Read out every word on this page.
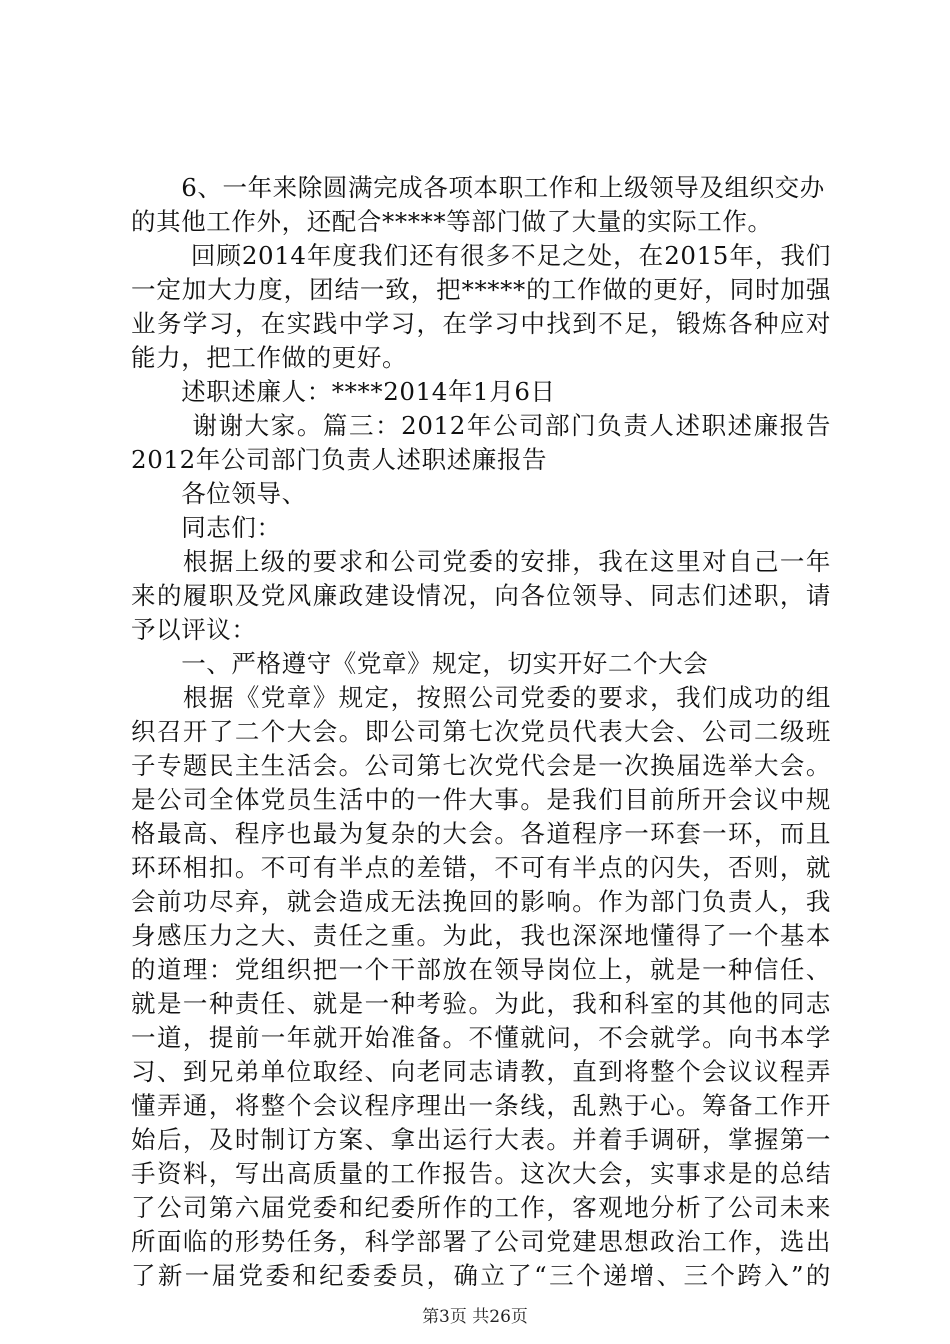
　　6、一年来除圆满完成各项本职工作和上级领导及组织交办
的其他工作外，还配合*****等部门做了大量的实际工作。
　　 回顾2014年度我们还有很多不足之处，在2015年，我们
一定加大力度，团结一致，把*****的工作做的更好，同时加强
业务学习，在实践中学习，在学习中找到不足，锻炼各种应对
能力，把工作做的更好。
　　述职述廉人：****2014年1月6日
　　 谢谢大家。篇三：2012年公司部门负责人述职述廉报告
2012年公司部门负责人述职述廉报告
　　各位领导、
　　同志们：
　　根据上级的要求和公司党委的安排，我在这里对自己一年
来的履职及党风廉政建设情况，向各位领导、同志们述职，请
予以评议：
　　一、严格遵守《党章》规定，切实开好二个大会
　　根据《党章》规定，按照公司党委的要求，我们成功的组
织召开了二个大会。即公司第七次党员代表大会、公司二级班
子专题民主生活会。公司第七次党代会是一次换届选举大会。
是公司全体党员生活中的一件大事。是我们目前所开会议中规
格最高、程序也最为复杂的大会。各道程序一环套一环，而且
环环相扣。不可有半点的差错，不可有半点的闪失，否则，就
会前功尽弃，就会造成无法挽回的影响。作为部门负责人，我
身感压力之大、责任之重。为此，我也深深地懂得了一个基本
的道理：党组织把一个干部放在领导岗位上，就是一种信任、
就是一种责任、就是一种考验。为此，我和科室的其他的同志
一道，提前一年就开始准备。不懂就问，不会就学。向书本学
习、到兄弟单位取经、向老同志请教，直到将整个会议议程弄
懂弄通，将整个会议程序理出一条线，乱熟于心。筹备工作开
始后，及时制订方案、拿出运行大表。并着手调研，掌握第一
手资料，写出高质量的工作报告。这次大会，实事求是的总结
了公司第六届党委和纪委所作的工作，客观地分析了公司未来
所面临的形势任务，科学部署了公司党建思想政治工作，选出
了新一届党委和纪委委员，确立了“三个递增、三个跨入”的
第3页 共26页
